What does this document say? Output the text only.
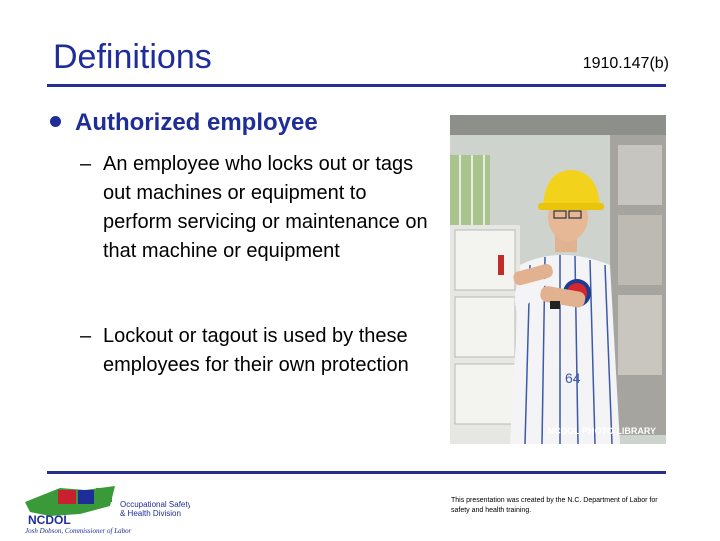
Definitions	1910.147(b)
Authorized employee
– An employee who locks out or tags out machines or equipment to perform servicing or maintenance on that machine or equipment
– Lockout or tagout is used by these employees for their own protection
64
NCDOL PHOTO LIBRARY
NCDOL
Occupational Safety
& Health Division
Josh Dobson, Commissioner of Labor
This presentation was created by the N.C. Department of Labor for safety and health training.
